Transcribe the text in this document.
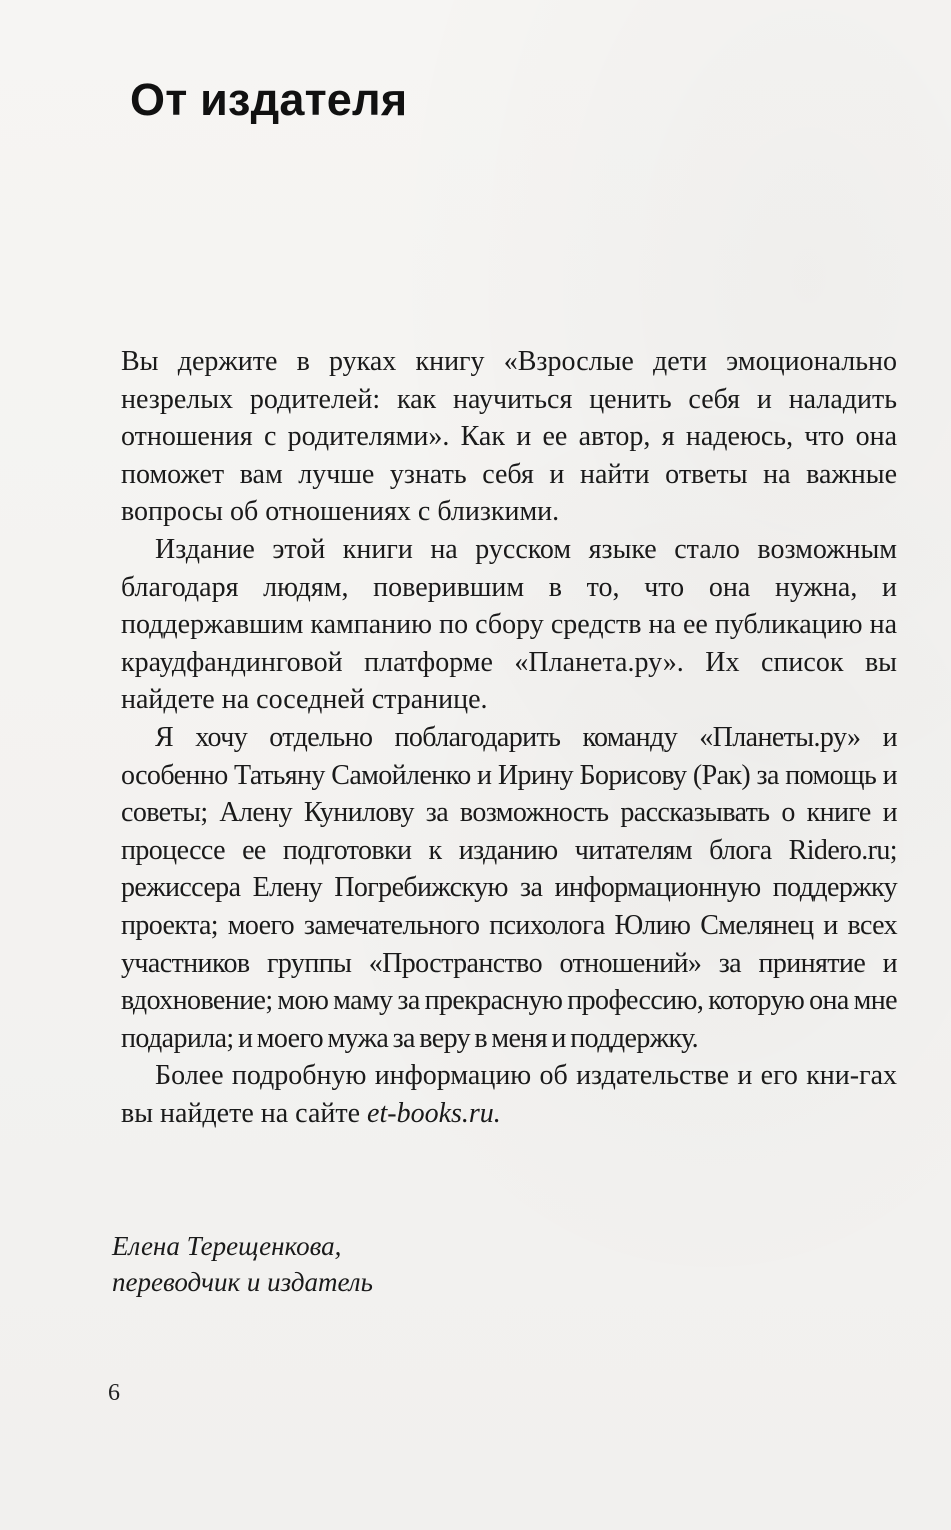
От издателя

Вы держите в руках книгу «Взрослые дети эмоционально незрелых родителей: как научиться ценить себя и наладить отношения с родителями». Как и ее автор, я надеюсь, что она поможет вам лучше узнать себя и найти ответы на важные вопросы об отношениях с близкими.

Издание этой книги на русском языке стало возможным благодаря людям, поверившим в то, что она нужна, и поддержавшим кампанию по сбору средств на ее публикацию на краудфандинговой платформе «Планета.ру». Их список вы найдете на соседней странице.

Я хочу отдельно поблагодарить команду «Планеты.ру» и особенно Татьяну Самойленко и Ирину Борисову (Рак) за помощь и советы; Алену Кунилову за возможность рассказывать о книге и процессе ее подготовки к изданию читателям блога Ridero.ru; режиссера Елену Погребижскую за информационную поддержку проекта; моего замечательного психолога Юлию Смелянец и всех участников группы «Пространство отношений» за принятие и вдохновение; мою маму за прекрасную профессию, которую она мне подарила; и моего мужа за веру в меня и поддержку.

Более подробную информацию об издательстве и его кни-гах вы найдете на сайте et-books.ru.

Елена Терещенкова,
переводчик и издатель
6
